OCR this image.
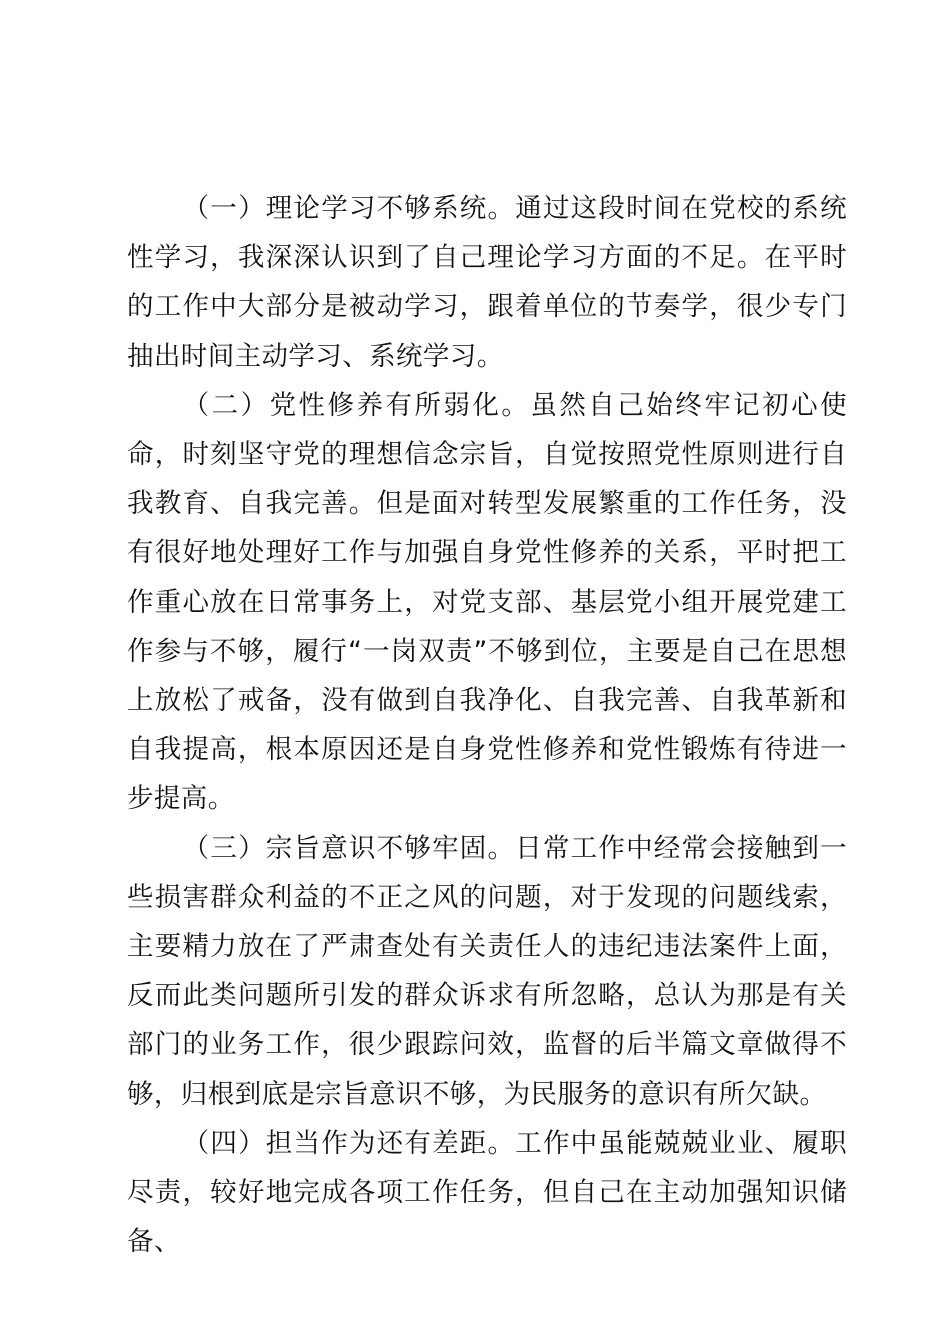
（一）理论学习不够系统。通过这段时间在党校的系统性学习，我深深认识到了自己理论学习方面的不足。在平时的工作中大部分是被动学习，跟着单位的节奏学，很少专门抽出时间主动学习、系统学习。

（二）党性修养有所弱化。虽然自己始终牢记初心使命，时刻坚守党的理想信念宗旨，自觉按照党性原则进行自我教育、自我完善。但是面对转型发展繁重的工作任务，没有很好地处理好工作与加强自身党性修养的关系，平时把工作重心放在日常事务上，对党支部、基层党小组开展党建工作参与不够，履行“一岗双责”不够到位，主要是自己在思想上放松了戒备，没有做到自我净化、自我完善、自我革新和自我提高，根本原因还是自身党性修养和党性锻炼有待进一步提高。

（三）宗旨意识不够牢固。日常工作中经常会接触到一些损害群众利益的不正之风的问题，对于发现的问题线索，主要精力放在了严肃查处有关责任人的违纪违法案件上面，反而此类问题所引发的群众诉求有所忽略，总认为那是有关部门的业务工作，很少跟踪问效，监督的后半篇文章做得不够，归根到底是宗旨意识不够，为民服务的意识有所欠缺。

（四）担当作为还有差距。工作中虽能兢兢业业、履职尽责，较好地完成各项工作任务，但自己在主动加强知识储备、
